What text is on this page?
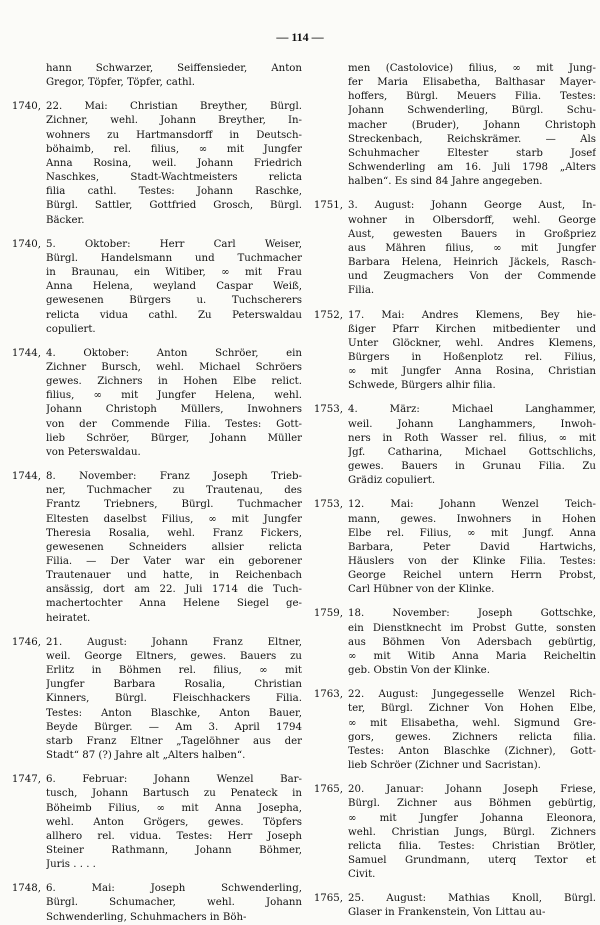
— 114 —
hann Schwarzer, Seiffensieder, Anton
Gregor, Töpfer, Töpfer, cathl.
1740, 22. Mai: Christian Breyther, Bürgl.
Zichner, wehl. Johann Breyther, In-
wohners zu Hartmansdorff in Deutsch-
böhaimb, rel. filius, ∞ mit Jungfer
Anna Rosina, weil. Johann Friedrich
Naschkes, Stadt-Wachtmeisters relicta
filia cathl. Testes: Johann Raschke,
Bürgl. Sattler, Gottfried Grosch, Bürgl.
Bäcker.
1740, 5. Oktober: Herr Carl Weiser,
Bürgl. Handelsmann und Tuchmacher
in Braunau, ein Witiber, ∞ mit Frau
Anna Helena, weyland Caspar Weiß,
gewesenen Bürgers u. Tuchscherers
relicta vidua cathl. Zu Peterswaldau
copuliert.
1744, 4. Oktober: Anton Schröer, ein
Zichner Bursch, wehl. Michael Schröers
gewes. Zichners in Hohen Elbe relict.
filius, ∞ mit Jungfer Helena, wehl.
Johann Christoph Müllers, Inwohners
von der Commende Filia. Testes: Gott-
lieb Schröer, Bürger, Johann Müller
von Peterswaldau.
1744, 8. November: Franz Joseph Trieb-
ner, Tuchmacher zu Trautenau, des
Frantz Triebners, Bürgl. Tuchmacher
Eltesten daselbst Filius, ∞ mit Jungfer
Theresia Rosalia, wehl. Franz Fickers,
gewesenen Schneiders allsier relicta
Filia. — Der Vater war ein geborener
Trautenauer und hatte, in Reichenbach
ansässig, dort am 22. Juli 1714 die Tuch-
machertochter Anna Helene Siegel ge-
heiratet.
1746, 21. August: Johann Franz Eltner,
weil. George Eltners, gewes. Bauers zu
Erlitz in Böhmen rel. filius, ∞ mit
Jungfer Barbara Rosalia, Christian
Kinners, Bürgl. Fleischhackers Filia.
Testes: Anton Blaschke, Anton Bauer,
Beyde Bürger. — Am 3. April 1794
starb Franz Eltner „Tagelöhner aus der
Stadt“ 87 (?) Jahre alt „Alters halben“.
1747, 6. Februar: Johann Wenzel Bar-
tusch, Johann Bartusch zu Penateck in
Böheimb Filius, ∞ mit Anna Josepha,
wehl. Anton Grögers, gewes. Töpfers
allhero rel. vidua. Testes: Herr Joseph
Steiner Rathmann, Johann Böhmer,
Juris . . . .
1748, 6. Mai: Joseph Schwenderling,
Bürgl. Schumacher, wehl. Johann
Schwenderling, Schuhmachers in Böh-
men (Castolovice) filius, ∞ mit Jung-
fer Maria Elisabetha, Balthasar Mayer-
hoffers, Bürgl. Meuers Filia. Testes:
Johann Schwenderling, Bürgl. Schu-
macher (Bruder), Johann Christoph
Streckenbach, Reichskrämer. — Als
Schuhmacher Eltester starb Josef
Schwenderling am 16. Juli 1798 „Alters
halben“. Es sind 84 Jahre angegeben.
1751, 3. August: Johann George Aust, In-
wohner in Olbersdorff, wehl. George
Aust, gewesten Bauers in Großpriez
aus Mähren filius, ∞ mit Jungfer
Barbara Helena, Heinrich Jäckels, Rasch-
und Zeugmachers Von der Commende
Filia.
1752, 17. Mai: Andres Klemens, Bey hie-
ßiger Pfarr Kirchen mitbedienter und
Unter Glöckner, wehl. Andres Klemens,
Bürgers in Hoßenplotz rel. Filius,
∞ mit Jungfer Anna Rosina, Christian
Schwede, Bürgers alhir filia.
1753, 4. März: Michael Langhammer,
weil. Johann Langhammers, Inwoh-
ners in Roth Wasser rel. filius, ∞ mit
Jgf. Catharina, Michael Gottschlichs,
gewes. Bauers in Grunau Filia. Zu
Grädiz copuliert.
1753, 12. Mai: Johann Wenzel Teich-
mann, gewes. Inwohners in Hohen
Elbe rel. Filius, ∞ mit Jungf. Anna
Barbara, Peter David Hartwichs,
Häuslers von der Klinke Filia. Testes:
George Reichel untern Herrn Probst,
Carl Hübner von der Klinke.
1759, 18. November: Joseph Gottschke,
ein Dienstknecht im Probst Gutte, sonsten
aus Böhmen Von Adersbach gebürtig,
∞ mit Witib Anna Maria Reicheltin
geb. Obstin Von der Klinke.
1763, 22. August: Jungegesselle Wenzel Rich-
ter, Bürgl. Zichner Von Hohen Elbe,
∞ mit Elisabetha, wehl. Sigmund Gre-
gors, gewes. Zichners relicta filia.
Testes: Anton Blaschke (Zichner), Gott-
lieb Schröer (Zichner und Sacristan).
1765, 20. Januar: Johann Joseph Friese,
Bürgl. Zichner aus Böhmen gebürtig,
∞ mit Jungfer Johanna Eleonora,
wehl. Christian Jungs, Bürgl. Zichners
relicta filia. Testes: Christian Brötler,
Samuel Grundmann, uterq Textor et
Civit.
1765, 25. August: Mathias Knoll, Bürgl.
Glaser in Frankenstein, Von Littau au-
